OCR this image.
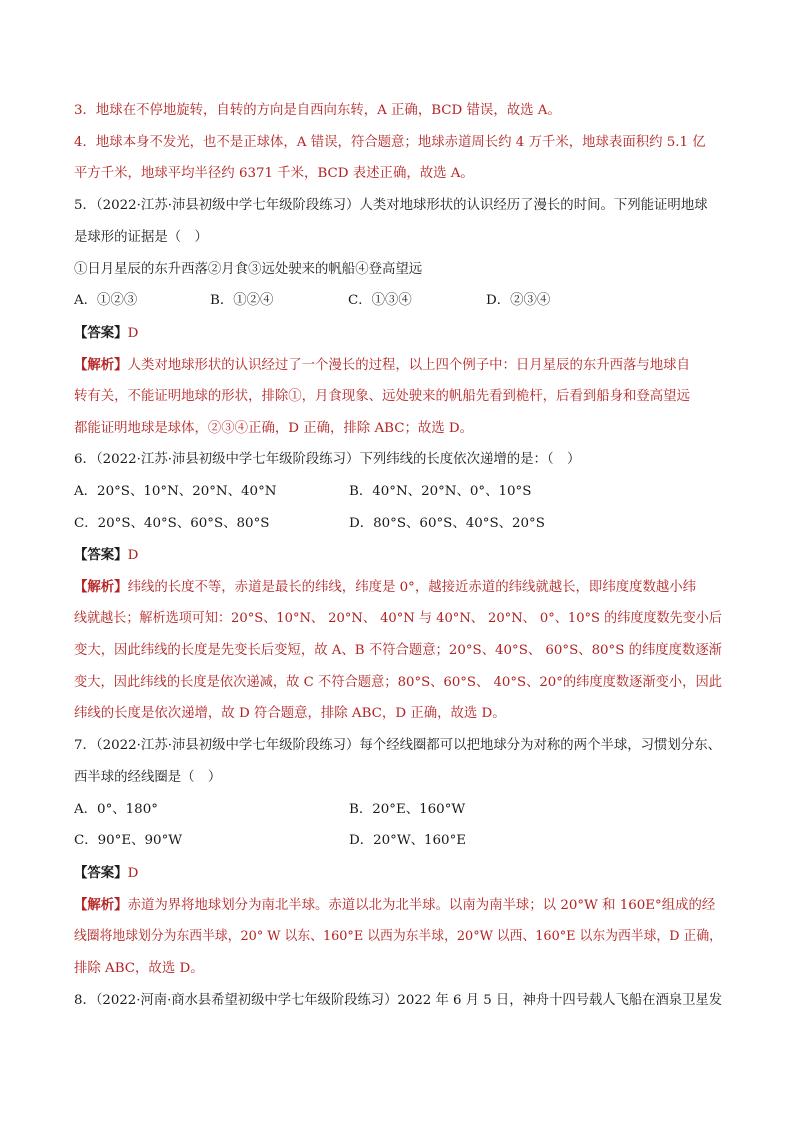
3．地球在不停地旋转，自转的方向是自西向东转，A 正确，BCD 错误，故选 A。
4．地球本身不发光，也不是正球体，A 错误，符合题意；地球赤道周长约 4 万千米，地球表面积约 5.1 亿
平方千米，地球平均半径约 6371 千米，BCD 表述正确，故选 A。
5．（2022·江苏·沛县初级中学七年级阶段练习）人类对地球形状的认识经历了漫长的时间。下列能证明地球
是球形的证据是（　）
①日月星辰的东升西落②月食③远处驶来的帆船④登高望远
A．①②③	B．①②④	C．①③④	D．②③④
【答案】D
【解析】人类对地球形状的认识经过了一个漫长的过程，以上四个例子中：日月星辰的东升西落与地球自
转有关，不能证明地球的形状，排除①，月食现象、远处驶来的帆船先看到桅杆，后看到船身和登高望远
都能证明地球是球体，②③④正确，D 正确，排除 ABC；故选 D。
6．（2022·江苏·沛县初级中学七年级阶段练习）下列纬线的长度依次递增的是：（　）
A．20°S、10°N、20°N、40°N	B．40°N、20°N、0°、10°S
C．20°S、40°S、60°S、80°S	D．80°S、60°S、40°S、20°S
【答案】D
【解析】纬线的长度不等，赤道是最长的纬线，纬度是 0°，越接近赤道的纬线就越长，即纬度度数越小纬
线就越长；解析选项可知：20°S、10°N、 20°N、 40°N 与 40°N、 20°N、 0°、10°S 的纬度度数先变小后
变大，因此纬线的长度是先变长后变短，故 A、B 不符合题意；20°S、40°S、 60°S、80°S 的纬度度数逐渐
变大，因此纬线的长度是依次递减，故 C 不符合题意；80°S、60°S、 40°S、20°的纬度度数逐渐变小，因此
纬线的长度是依次递增，故 D 符合题意，排除 ABC，D 正确，故选 D。
7．（2022·江苏·沛县初级中学七年级阶段练习）每个经线圈都可以把地球分为对称的两个半球，习惯划分东、
西半球的经线圈是（　）
A．0°、180°	B．20°E、160°W
C．90°E、90°W	D．20°W、160°E
【答案】D
【解析】赤道为界将地球划分为南北半球。赤道以北为北半球。以南为南半球；以 20°W 和 160E°组成的经
线圈将地球划分为东西半球，20° W 以东、160°E 以西为东半球，20°W 以西、160°E 以东为西半球，D 正确，
排除 ABC，故选 D。
8．（2022·河南·商水县希望初级中学七年级阶段练习）2022 年 6 月 5 日，神舟十四号载人飞船在酒泉卫星发
